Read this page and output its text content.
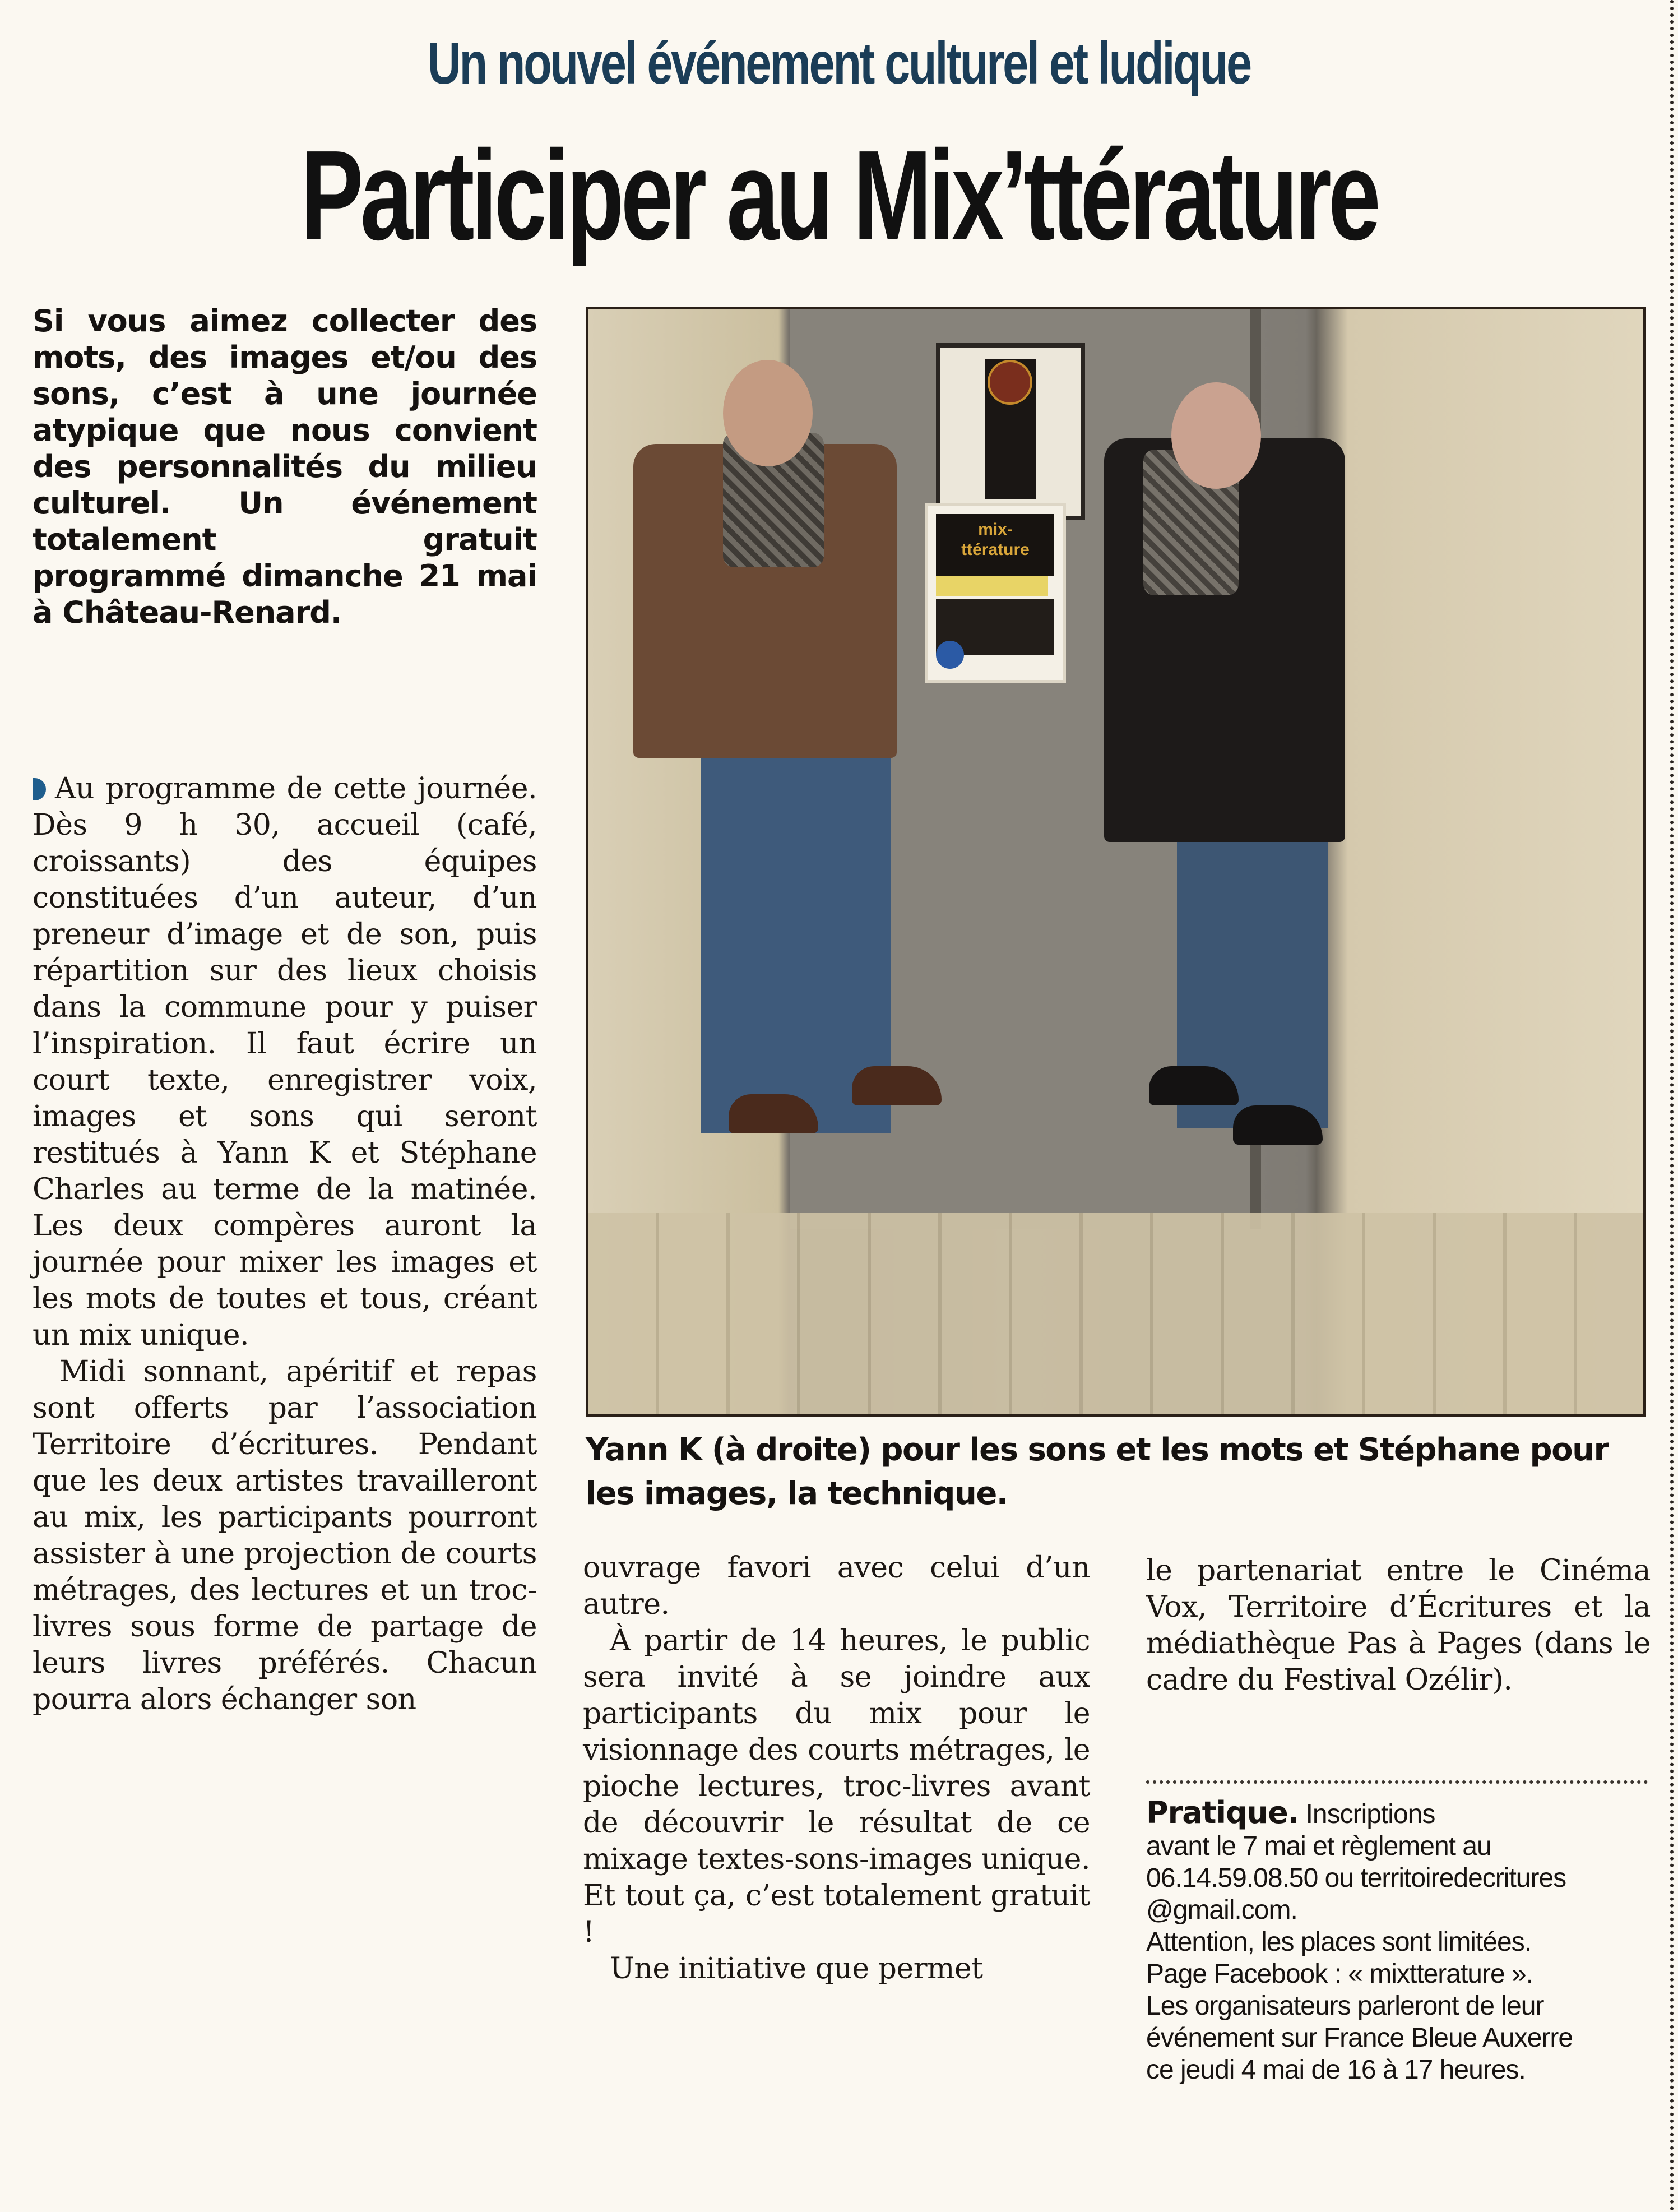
Un nouvel événement culturel et ludique
Participer au Mix’ttérature
Si vous aimez collecter des mots, des images et/ou des sons, c’est à une journée atypique que nous convient des personnalités du milieu culturel. Un événement totalement gratuit programmé dimanche 21 mai à Château-Renard.

Au programme de cette journée. Dès 9 h 30, accueil (café, croissants) des équipes constituées d’un auteur, d’un preneur d’image et de son, puis répartition sur des lieux choisis dans la commune pour y puiser l’inspiration. Il faut écrire un court texte, enregistrer voix, images et sons qui seront restitués à Yann K et Stéphane Charles au terme de la matinée. Les deux compères auront la journée pour mixer les images et les mots de toutes et tous, créant un mix unique.

Midi sonnant, apéritif et repas sont offerts par l’association Territoire d’écritures. Pendant que les deux artistes travailleront au mix, les participants pourront assister à une projection de courts métrages, des lectures et un troc-livres sous forme de partage de leurs livres préférés. Chacun pourra alors échanger son

mix-ttérature
Yann K (à droite) pour les sons et les mots et Stéphane pour les images, la technique.

ouvrage favori avec celui d’un autre.

À partir de 14 heures, le public sera invité à se joindre aux participants du mix pour le visionnage des courts métrages, le pioche lectures, troc-livres avant de découvrir le résultat de ce mixage textes-sons-images unique. Et tout ça, c’est totalement gratuit !

Une initiative que permet

le partenariat entre le Cinéma Vox, Territoire d’Écritures et la médiathèque Pas à Pages (dans le cadre du Festival Ozélir).

Pratique. Inscriptions
avant le 7 mai et règlement au
06.14.59.08.50 ou territoiredecritures
@gmail.com.
Attention, les places sont limitées.
Page Facebook : « mixtterature ».
Les organisateurs parleront de leur
événement sur France Bleue Auxerre
ce jeudi 4 mai de 16 à 17 heures.
